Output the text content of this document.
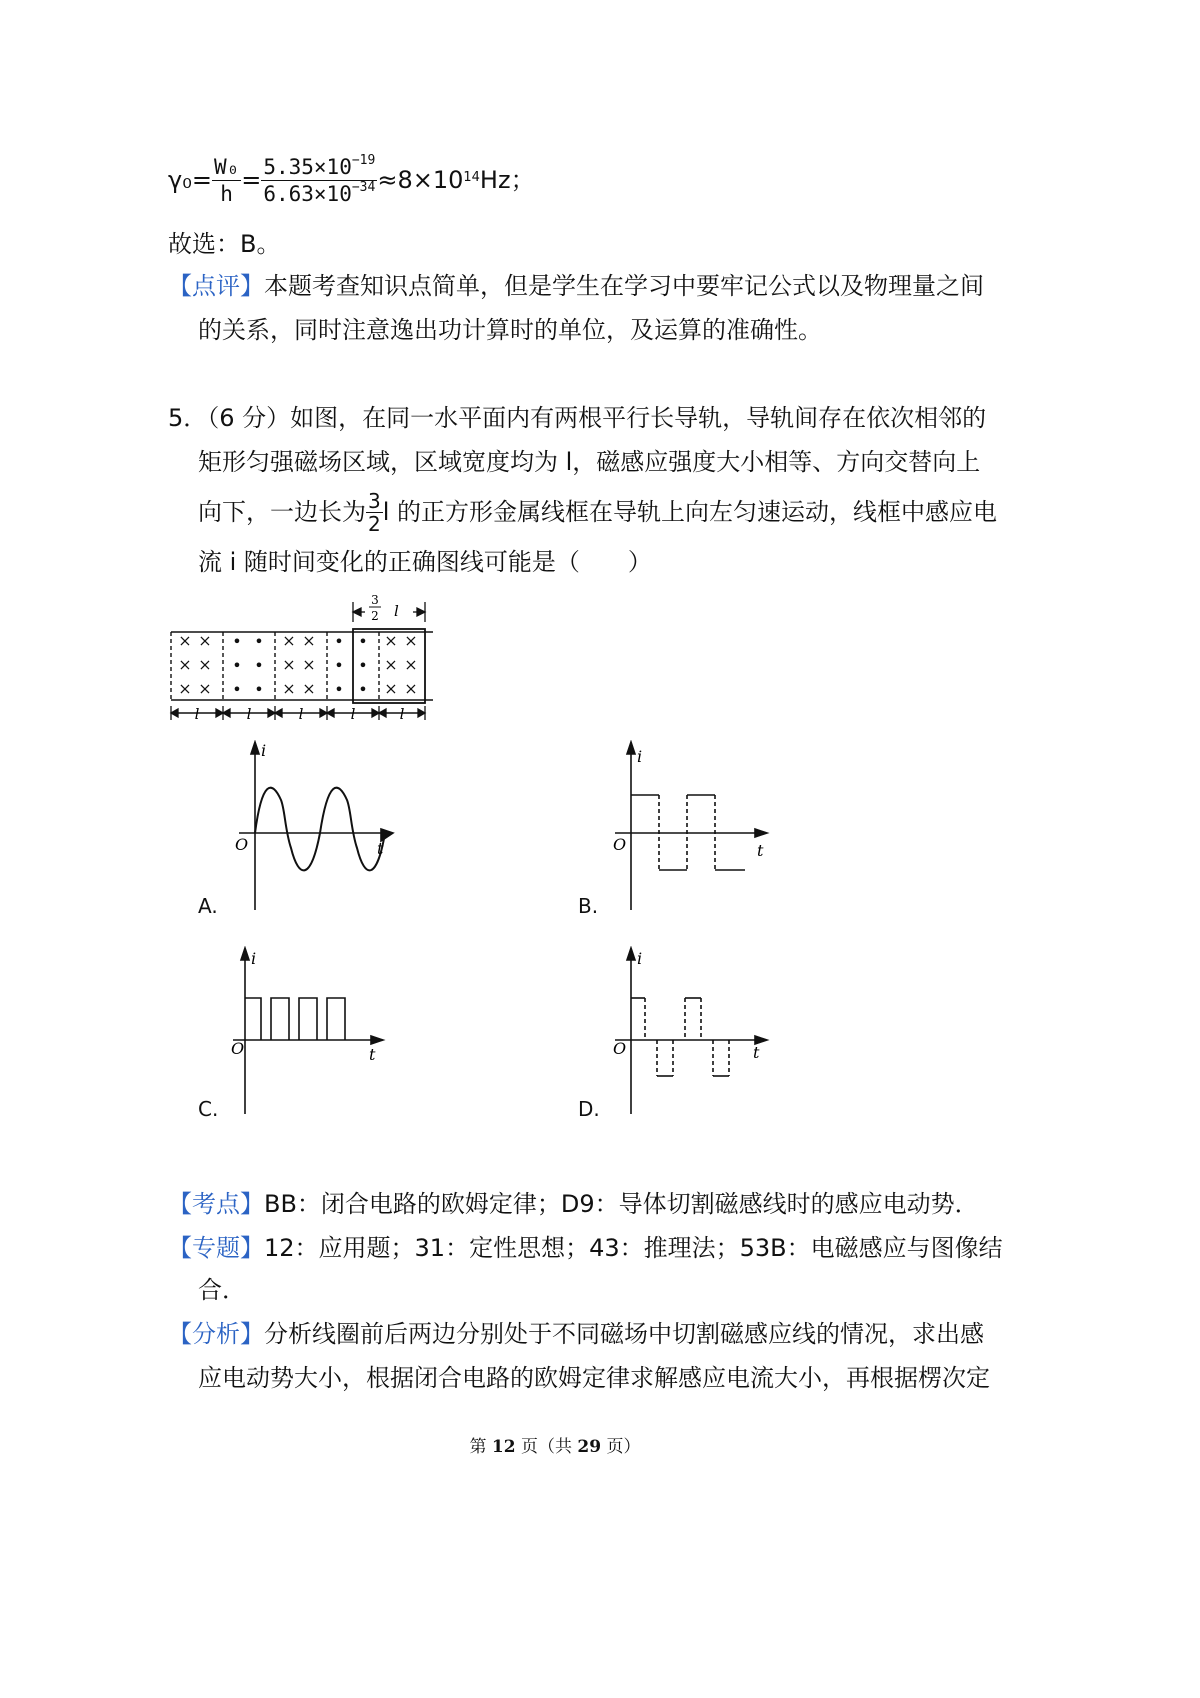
$\gamma_0= \frac{\text{W₀}}{h} = \frac{5.35\times 10^{-19}}{6.63\times 10^{-34}} \approx 8\times 10^{14}$ Hz；
故选：B。
【点评】本题考查知识点简单，但是学生在学习中要牢记公式以及物理量之间
的关系，同时注意逸出功计算时的单位，及运算的准确性。
5．（6 分）如图，在同一水平面内有两根平行长导轨，导轨间存在依次相邻的
矩形匀强磁场区域，区域宽度均为 l，磁感应强度大小相等、方向交替向上
向下，一边长为 $\frac{3}{2}$ l 的正方形金属线框在导轨上向左匀速运动，线框中感应电
流 i 随时间变化的正确图线可能是（　　）
× ×
× ×
× ×
• •
• •
• •
× ×
× ×
× ×
• •
• •
• •
× ×
× ×
× ×
3
2 l
l	l	l	l	l
i
t
O
A.
i
t
O
B.
i
t
O
C.
i
t
O
D.
【考点】BB：闭合电路的欧姆定律；D9：导体切割磁感线时的感应电动势．
【专题】12：应用题；31：定性思想；43：推理法；53B：电磁感应与图像结
合．
【分析】分析线圈前后两边分别处于不同磁场中切割磁感应线的情况，求出感
应电动势大小，根据闭合电路的欧姆定律求解感应电流大小，再根据楞次定
第 12 页（共 29 页）
